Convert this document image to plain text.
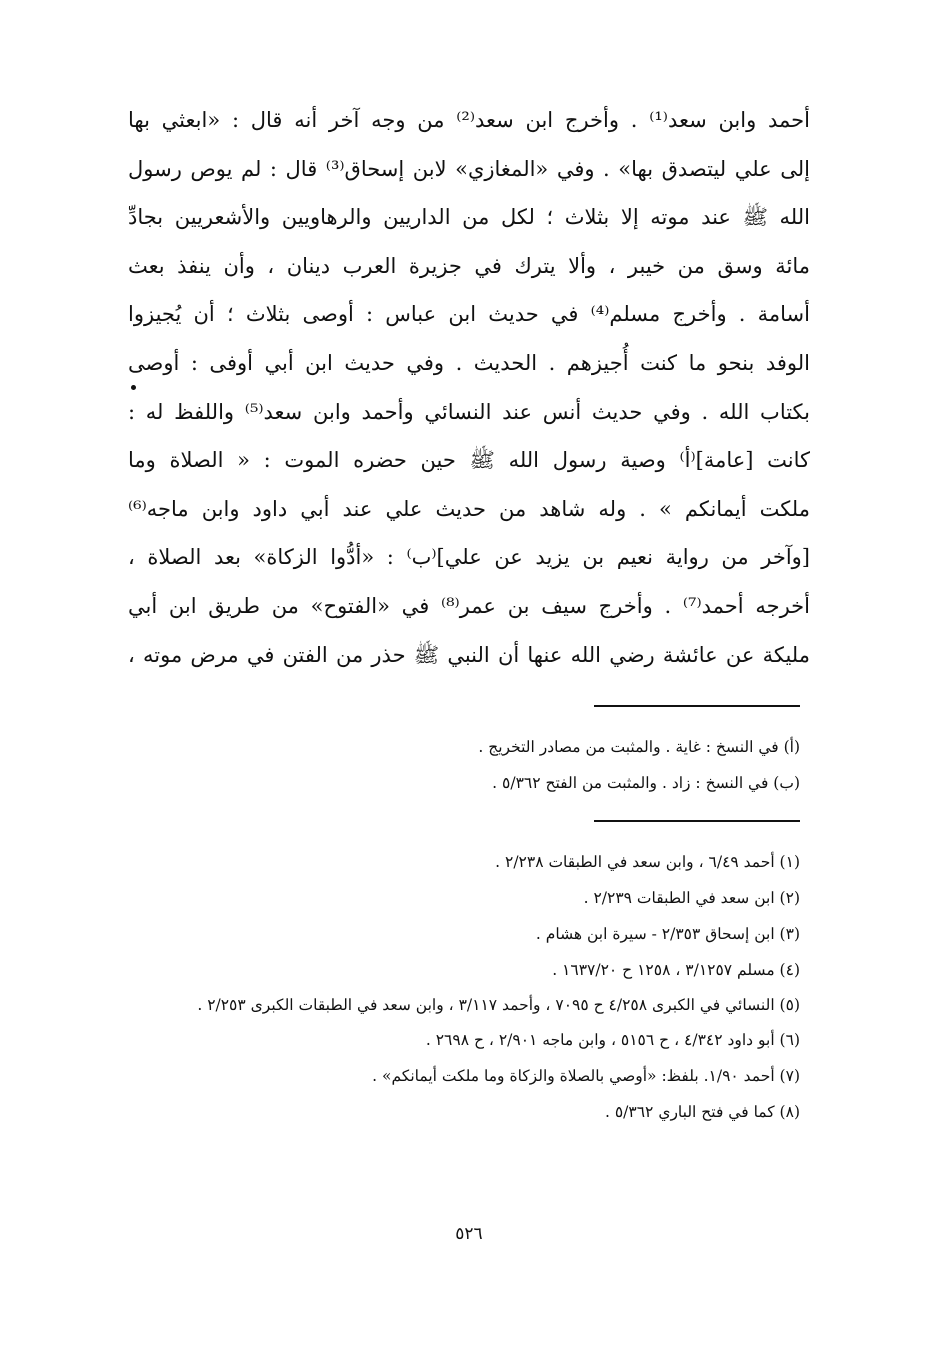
أحمد وابن سعد⁽¹⁾ . وأخرج ابن سعد⁽²⁾ من وجه آخر أنه قال : «ابعثي بها
إلى علي ليتصدق بها» . وفي «المغازي» لابن إسحاق⁽³⁾ قال : لم يوص رسول
الله ﷺ عند موته إلا بثلاث ؛ لكل من الداريين والرهاويين والأشعريين بجادِّ
مائة وسق من خيبر ، وألا يترك في جزيرة العرب دينان ، وأن ينفذ بعث
أسامة . وأخرج مسلم⁽⁴⁾ في حديث ابن عباس : أوصى بثلاث ؛ أن يُجيزوا
الوفد بنحو ما كنت أُجيزهم . الحديث . وفي حديث ابن أبي أوفى : أوصى
بكتاب الله . وفي حديث أنس عند النسائي وأحمد وابن سعد⁽⁵⁾ واللفظ له :
كانت [عامة]⁽أ⁾ وصية رسول الله ﷺ حين حضره الموت : « الصلاة وما
ملكت أيمانكم » . وله شاهد من حديث علي عند أبي داود وابن ماجه⁽⁶⁾
[وآخر من رواية نعيم بن يزيد عن علي]⁽ب⁾ : «أدُّوا الزكاة» بعد الصلاة ،
أخرجه أحمد⁽⁷⁾ . وأخرج سيف بن عمر⁽⁸⁾ في «الفتوح» من طريق ابن أبي
مليكة عن عائشة رضي الله عنها أن النبي ﷺ حذر من الفتن في مرض موته ،
(أ) في النسخ : غاية . والمثبت من مصادر التخريج .
(ب) في النسخ : زاد . والمثبت من الفتح ٥/٣٦٢ .
(١) أحمد ٦/٤٩ ، وابن سعد في الطبقات ٢/٢٣٨ .
(٢) ابن سعد في الطبقات ٢/٢٣٩ .
(٣) ابن إسحاق ٢/٣٥٣ - سيرة ابن هشام .
(٤) مسلم ٣/١٢٥٧ ، ١٢٥٨ ح ١٦٣٧/٢٠ .
(٥) النسائي في الكبرى ٤/٢٥٨ ح ٧٠٩٥ ، وأحمد ٣/١١٧ ، وابن سعد في الطبقات الكبرى ٢/٢٥٣ .
(٦) أبو داود ٤/٣٤٢ ، ح ٥١٥٦ ، وابن ماجه ٢/٩٠١ ، ح ٢٦٩٨ .
(٧) أحمد ١/٩٠. بلفظ: «أوصي بالصلاة والزكاة وما ملكت أيمانكم» .
(٨) كما في فتح الباري ٥/٣٦٢ .
٥٢٦
